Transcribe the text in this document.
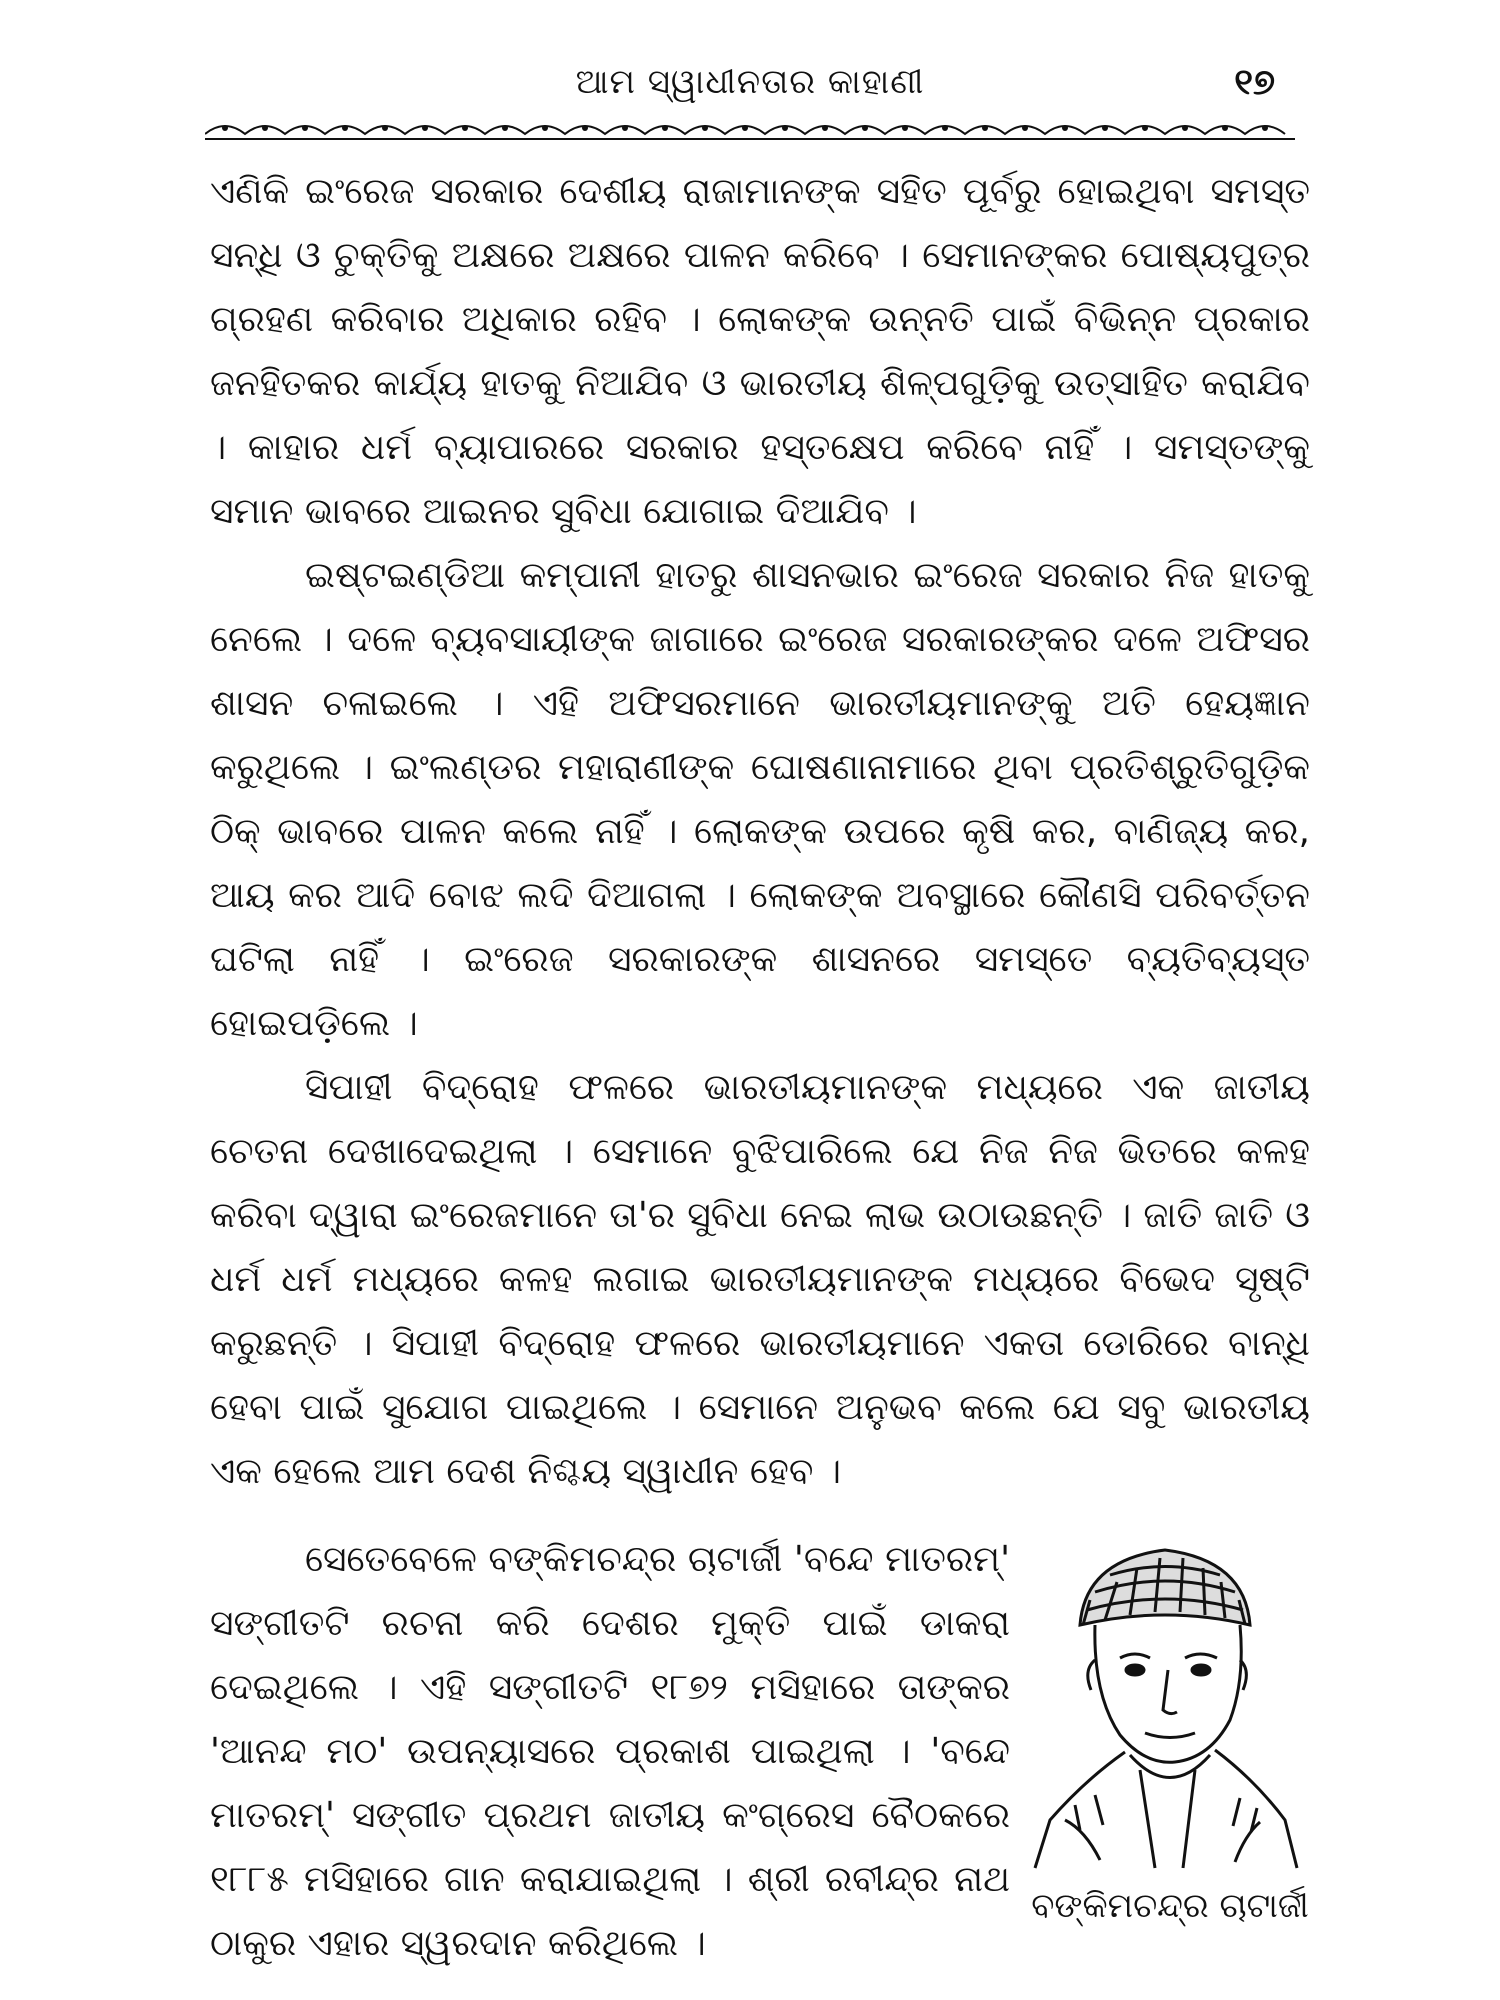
ଆମ ସ୍ୱାଧୀନତାର କାହାଣୀ	୧୭

ଏଣିକି ଇଂରେଜ ସରକାର ଦେଶୀୟ ରାଜାମାନଙ୍କ ସହିତ ପୂର୍ବରୁ ହୋଇଥିବା ସମସ୍ତ ସନ୍ଧି ଓ ଚୁକ୍ତିକୁ ଅକ୍ଷରେ ଅକ୍ଷରେ ପାଳନ କରିବେ । ସେମାନଙ୍କର ପୋଷ୍ୟପୁତ୍ର ଗ୍ରହଣ କରିବାର ଅଧିକାର ରହିବ । ଲୋକଙ୍କ ଉନ୍ନତି ପାଇଁ ବିଭିନ୍ନ ପ୍ରକାର ଜନହିତକର କାର୍ଯ୍ୟ ହାତକୁ ନିଆଯିବ ଓ ଭାରତୀୟ ଶିଳ୍ପଗୁଡ଼ିକୁ ଉତ୍ସାହିତ କରାଯିବ । କାହାର ଧର୍ମ ବ୍ୟାପାରରେ ସରକାର ହସ୍ତକ୍ଷେପ କରିବେ ନାହିଁ । ସମସ୍ତଙ୍କୁ ସମାନ ଭାବରେ ଆଇନର ସୁବିଧା ଯୋଗାଇ ଦିଆଯିବ ।

ଇଷ୍ଟଇଣ୍ଡିଆ କମ୍ପାନୀ ହାତରୁ ଶାସନଭାର ଇଂରେଜ ସରକାର ନିଜ ହାତକୁ ନେଲେ । ଦଳେ ବ୍ୟବସାୟୀଙ୍କ ଜାଗାରେ ଇଂରେଜ ସରକାରଙ୍କର ଦଳେ ଅଫିସର ଶାସନ ଚଳାଇଲେ । ଏହି ଅଫିସରମାନେ ଭାରତୀୟମାନଙ୍କୁ ଅତି ହେୟଜ୍ଞାନ କରୁଥିଲେ । ଇଂଲଣ୍ଡର ମହାରାଣୀଙ୍କ ଘୋଷଣାନାମାରେ ଥିବା ପ୍ରତିଶ୍ରୁତିଗୁଡ଼ିକ ଠିକ୍ ଭାବରେ ପାଳନ କଲେ ନାହିଁ । ଲୋକଙ୍କ ଉପରେ କୃଷି କର, ବାଣିଜ୍ୟ କର, ଆୟ କର ଆଦି ବୋଝ ଲଦି ଦିଆଗଲା । ଲୋକଙ୍କ ଅବସ୍ଥାରେ କୌଣସି ପରିବର୍ତ୍ତନ ଘଟିଲା ନାହିଁ । ଇଂରେଜ ସରକାରଙ୍କ ଶାସନରେ ସମସ୍ତେ ବ୍ୟତିବ୍ୟସ୍ତ ହୋଇପଡ଼ିଲେ ।

ସିପାହୀ ବିଦ୍ରୋହ ଫଳରେ ଭାରତୀୟମାନଙ୍କ ମଧ୍ୟରେ ଏକ ଜାତୀୟ ଚେତନା ଦେଖାଦେଇଥିଲା । ସେମାନେ ବୁଝିପାରିଲେ ଯେ ନିଜ ନିଜ ଭିତରେ କଳହ କରିବା ଦ୍ୱାରା ଇଂରେଜମାନେ ତା'ର ସୁବିଧା ନେଇ ଲାଭ ଉଠାଉଛନ୍ତି । ଜାତି ଜାତି ଓ ଧର୍ମ ଧର୍ମ ମଧ୍ୟରେ କଳହ ଲଗାଇ ଭାରତୀୟମାନଙ୍କ ମଧ୍ୟରେ ବିଭେଦ ସୃଷ୍ଟି କରୁଛନ୍ତି । ସିପାହୀ ବିଦ୍ରୋହ ଫଳରେ ଭାରତୀୟମାନେ ଏକତା ଡୋରିରେ ବାନ୍ଧି ହେବା ପାଇଁ ସୁଯୋଗ ପାଇଥିଲେ । ସେମାନେ ଅନୁଭବ କଲେ ଯେ ସବୁ ଭାରତୀୟ ଏକ ହେଲେ ଆମ ଦେଶ ନିଶ୍ଚୟ ସ୍ୱାଧୀନ ହେବ ।

ସେତେବେଳେ ବଙ୍କିମଚନ୍ଦ୍ର ଚାଟାର୍ଜୀ 'ବନ୍ଦେ ମାତରମ୍' ସଙ୍ଗୀତଟି ରଚନା କରି ଦେଶର ମୁକ୍ତି ପାଇଁ ଡାକରା ଦେଇଥିଲେ । ଏହି ସଙ୍ଗୀତଟି ୧୮୭୨ ମସିହାରେ ତାଙ୍କର 'ଆନନ୍ଦ ମଠ' ଉପନ୍ୟାସରେ ପ୍ରକାଶ ପାଇଥିଲା । 'ବନ୍ଦେ ମାତରମ୍' ସଙ୍ଗୀତ ପ୍ରଥମ ଜାତୀୟ କଂଗ୍ରେସ ବୈଠକରେ ୧୮୮୫ ମସିହାରେ ଗାନ କରାଯାଇଥିଲା । ଶ୍ରୀ ରବୀନ୍ଦ୍ର ନାଥ ଠାକୁର ଏହାର ସ୍ୱରଦାନ କରିଥିଲେ ।

ବଙ୍କିମଚନ୍ଦ୍ର ଚାଟାର୍ଜୀ
